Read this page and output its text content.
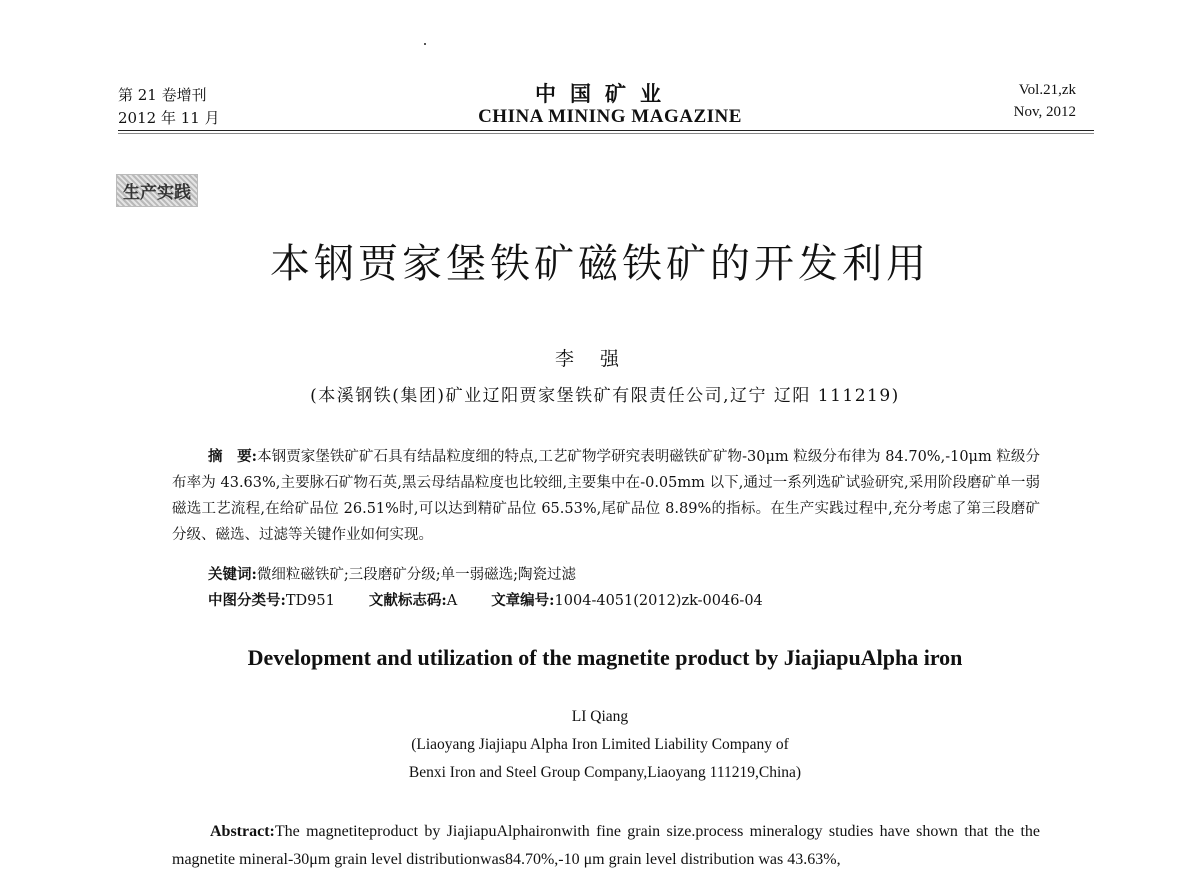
第 21 卷增刊
2012 年 11 月
中国矿业
CHINA MINING MAGAZINE
Vol.21,zk
Nov, 2012
生产实践
本钢贾家堡铁矿磁铁矿的开发利用
李强
(本溪钢铁(集团)矿业辽阳贾家堡铁矿有限责任公司,辽宁 辽阳 111219)
摘　要:本钢贾家堡铁矿矿石具有结晶粒度细的特点,工艺矿物学研究表明磁铁矿矿物-30μm 粒级分布律为 84.70%,-10μm 粒级分布率为 43.63%,主要脉石矿物石英,黑云母结晶粒度也比较细,主要集中在-0.05mm 以下,通过一系列选矿试验研究,采用阶段磨矿单一弱磁选工艺流程,在给矿品位 26.51%时,可以达到精矿品位 65.53%,尾矿品位 8.89%的指标。在生产实践过程中,充分考虑了第三段磨矿分级、磁选、过滤等关键作业如何实现。
关键词:微细粒磁铁矿;三段磨矿分级;单一弱磁选;陶瓷过滤
中图分类号:TD951 文献标志码:A 文章编号:1004-4051(2012)zk-0046-04
Development and utilization of the magnetite product by JiajiapuAlpha iron
LI Qiang
(Liaoyang Jiajiapu Alpha Iron Limited Liability Company of
Benxi Iron and Steel Group Company,Liaoyang 111219,China)
Abstract:The magnetiteproduct by JiajiapuAlphaironwith fine grain size.process mineralogy studies have shown that the the magnetite mineral-30μm grain level distributionwas84.70%,-10 μm grain level distribution was 43.63%,
